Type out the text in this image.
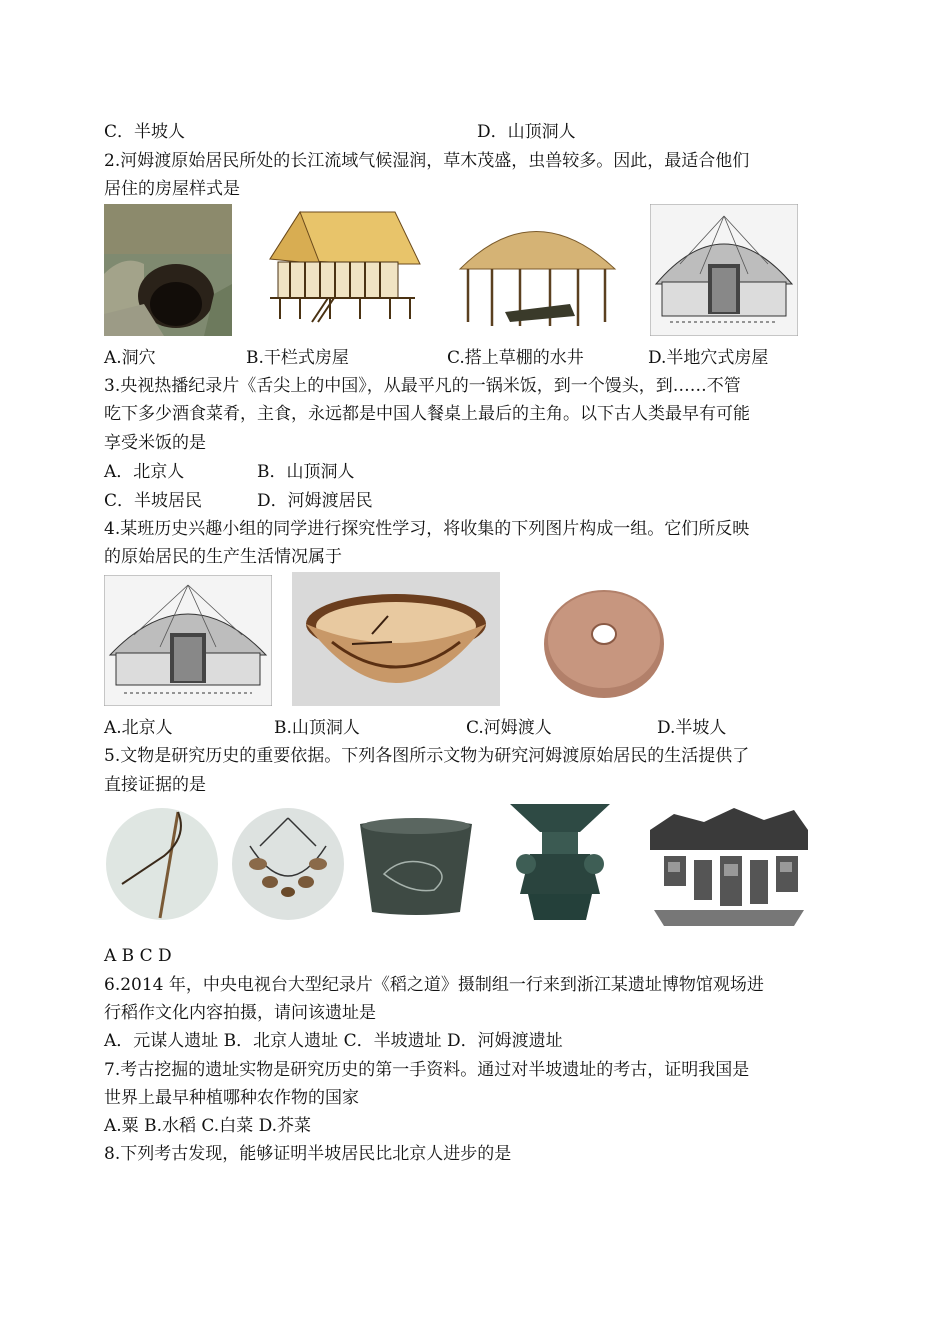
C．半坡人	D．山顶洞人
2.河姆渡原始居民所处的长江流域气候湿润，草木茂盛，虫兽较多。因此，最适合他们
居住的房屋样式是
A.洞穴	B.干栏式房屋	C.搭上草棚的水井	D.半地穴式房屋
3.央视热播纪录片《舌尖上的中国》，从最平凡的一锅米饭，到一个馒头，到……不管
吃下多少酒食菜肴，主食，永远都是中国人餐桌上最后的主角。以下古人类最早有可能
享受米饭的是
A．北京人	B．山顶洞人
C．半坡居民	D．河姆渡居民
4.某班历史兴趣小组的同学进行探究性学习，将收集的下列图片构成一组。它们所反映
的原始居民的生产生活情况属于
A.北京人	B.山顶洞人	C.河姆渡人	D.半坡人
5.文物是研究历史的重要依据。下列各图所示文物为研究河姆渡原始居民的生活提供了
直接证据的是
A B C D
6.2014 年，中央电视台大型纪录片《稻之道》摄制组一行来到浙江某遗址博物馆观场进
行稻作文化内容拍摄，请问该遗址是
A．元谋人遗址 B．北京人遗址 C．半坡遗址 D．河姆渡遗址
7.考古挖掘的遗址实物是研究历史的第一手资料。通过对半坡遗址的考古，证明我国是
世界上最早种植哪种农作物的国家
A.粟 B.水稻 C.白菜 D.芥菜
8.下列考古发现，能够证明半坡居民比北京人进步的是
